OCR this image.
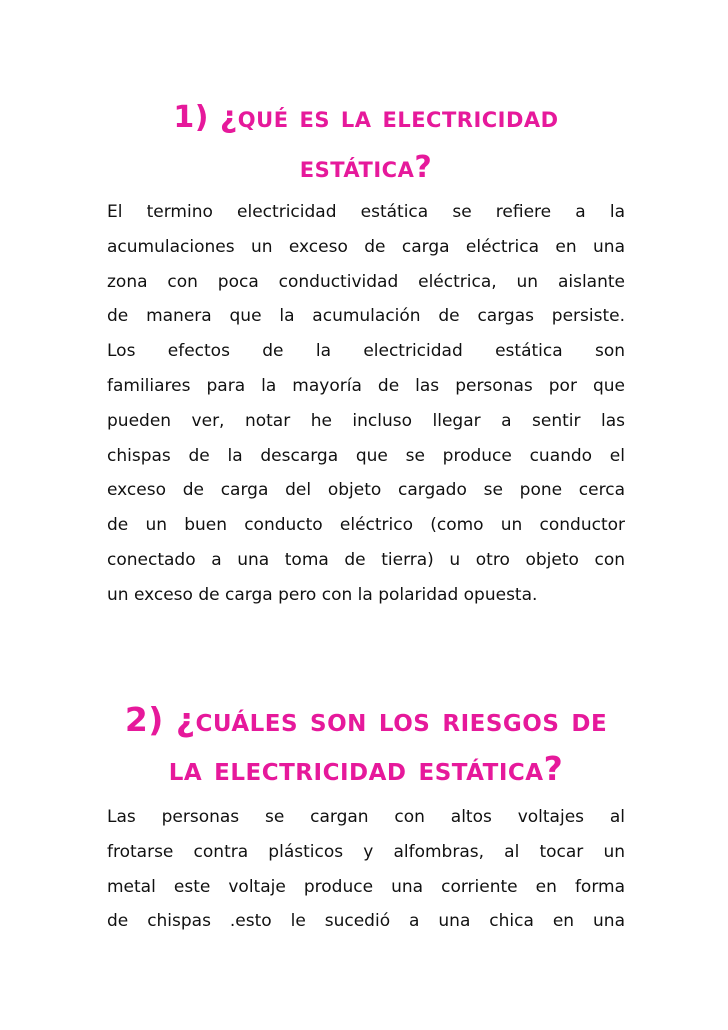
1) ¿qué es la electricidad
estática?
El termino electricidad estática se refiere a la
acumulaciones un exceso de carga eléctrica en una
zona con poca conductividad eléctrica, un aislante
de manera que la acumulación de cargas persiste.
Los efectos de la electricidad estática son
familiares para la mayoría de las personas por que
pueden ver, notar he incluso llegar a sentir las
chispas de la descarga que se produce cuando el
exceso de carga del objeto cargado se pone cerca
de un buen conducto eléctrico (como un conductor
conectado a una toma de tierra) u otro objeto con
un exceso de carga pero con la polaridad opuesta.
2) ¿cuáles son los riesgos de
la electricidad estática?
Las personas se cargan con altos voltajes al
frotarse contra plásticos y alfombras, al tocar un
metal este voltaje produce una corriente en forma
de chispas .esto le sucedió a una chica en una
